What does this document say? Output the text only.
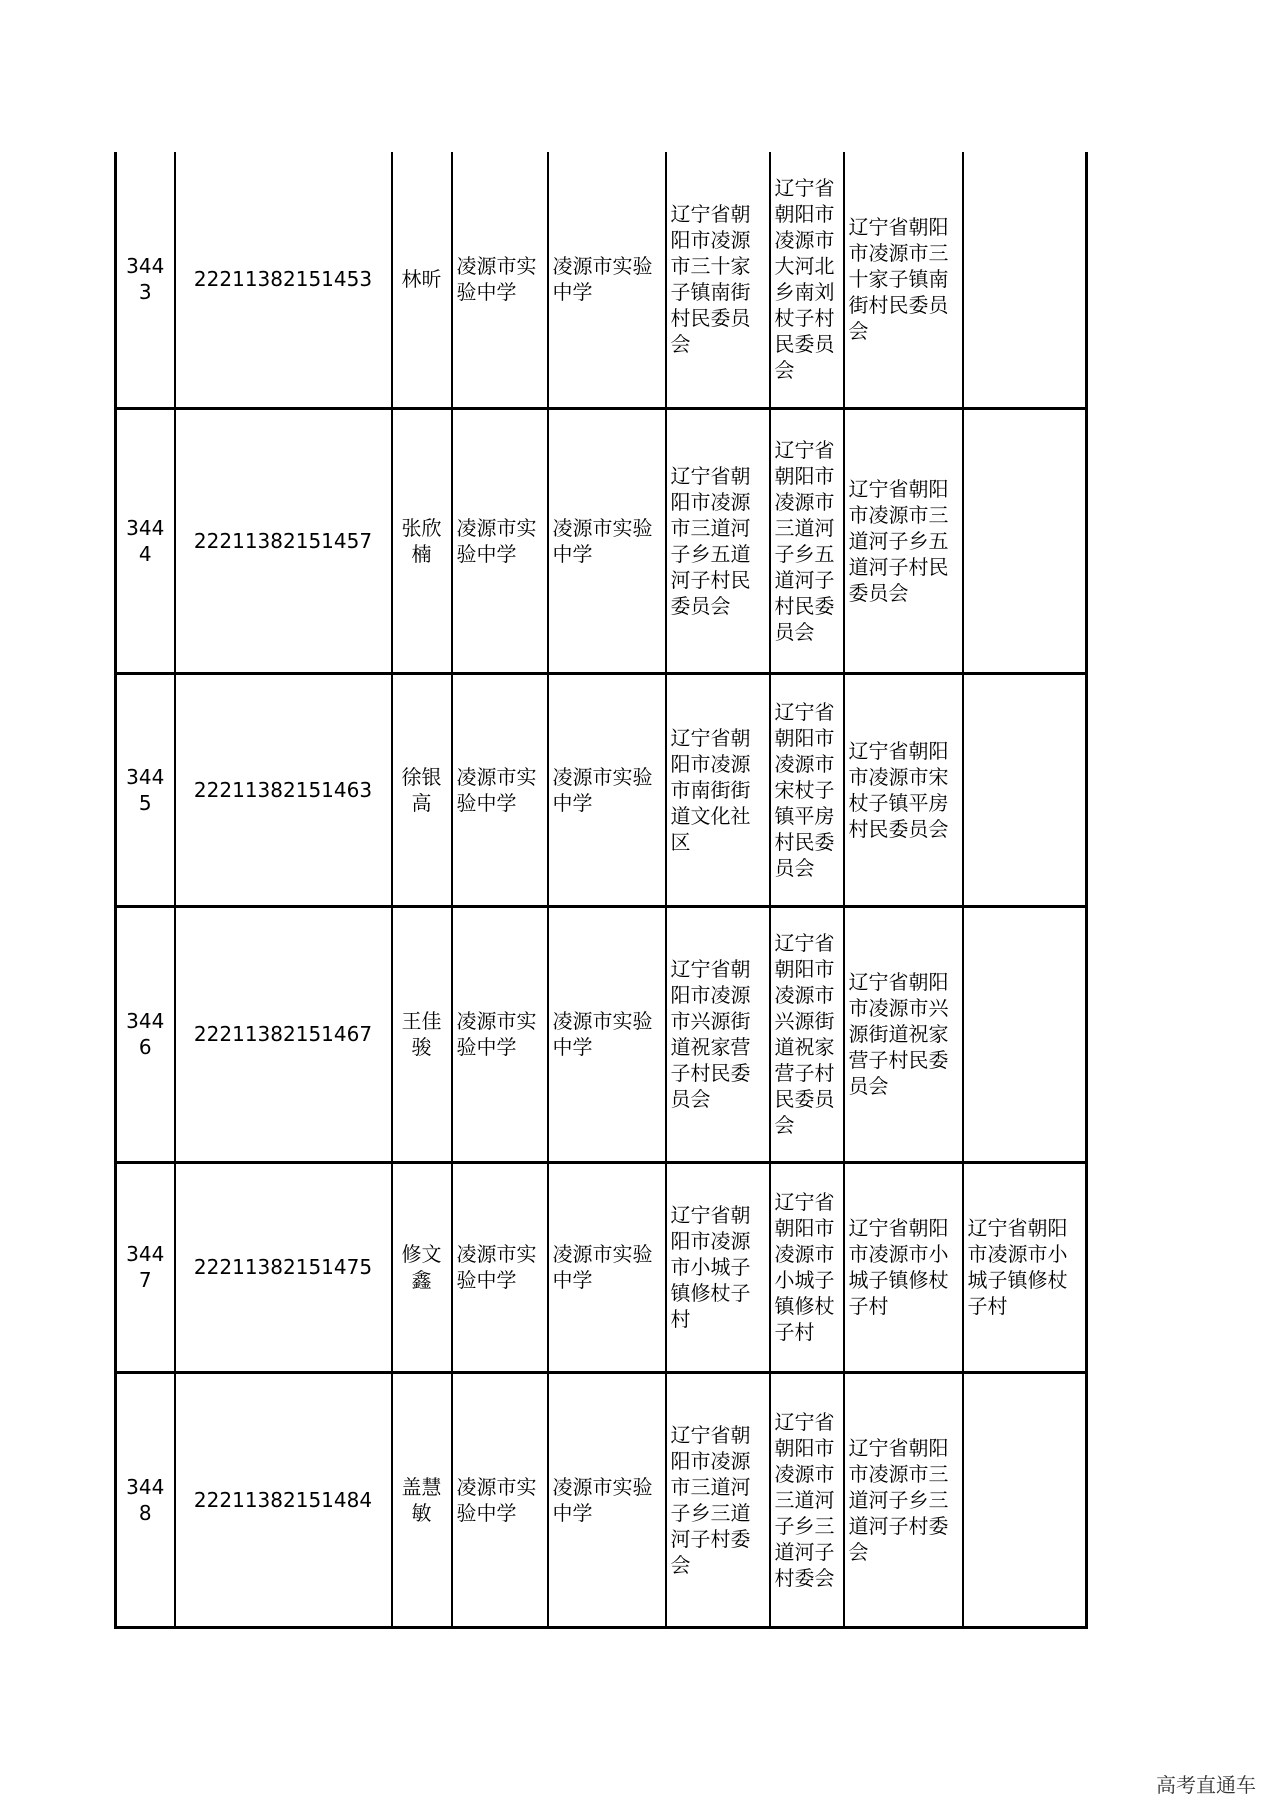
3443	22211382151453	林昕	凌源市实验中学	凌源市实验中学	辽宁省朝阳市凌源市三十家子镇南街村民委员会	辽宁省朝阳市凌源市大河北乡南刘杖子村民委员会	辽宁省朝阳市凌源市三十家子镇南街村民委员会	
3444	22211382151457	张欣楠	凌源市实验中学	凌源市实验中学	辽宁省朝阳市凌源市三道河子乡五道河子村民委员会	辽宁省朝阳市凌源市三道河子乡五道河子村民委员会	辽宁省朝阳市凌源市三道河子乡五道河子村民委员会	
3445	22211382151463	徐银高	凌源市实验中学	凌源市实验中学	辽宁省朝阳市凌源市南街街道文化社区	辽宁省朝阳市凌源市宋杖子镇平房村民委员会	辽宁省朝阳市凌源市宋杖子镇平房村民委员会	
3446	22211382151467	王佳骏	凌源市实验中学	凌源市实验中学	辽宁省朝阳市凌源市兴源街道祝家营子村民委员会	辽宁省朝阳市凌源市兴源街道祝家营子村民委员会	辽宁省朝阳市凌源市兴源街道祝家营子村民委员会	
3447	22211382151475	修文鑫	凌源市实验中学	凌源市实验中学	辽宁省朝阳市凌源市小城子镇修杖子村	辽宁省朝阳市凌源市小城子镇修杖子村	辽宁省朝阳市凌源市小城子镇修杖子村	辽宁省朝阳市凌源市小城子镇修杖子村
3448	22211382151484	盖慧敏	凌源市实验中学	凌源市实验中学	辽宁省朝阳市凌源市三道河子乡三道河子村委会	辽宁省朝阳市凌源市三道河子乡三道河子村委会	辽宁省朝阳市凌源市三道河子乡三道河子村委会	
高考直通车
